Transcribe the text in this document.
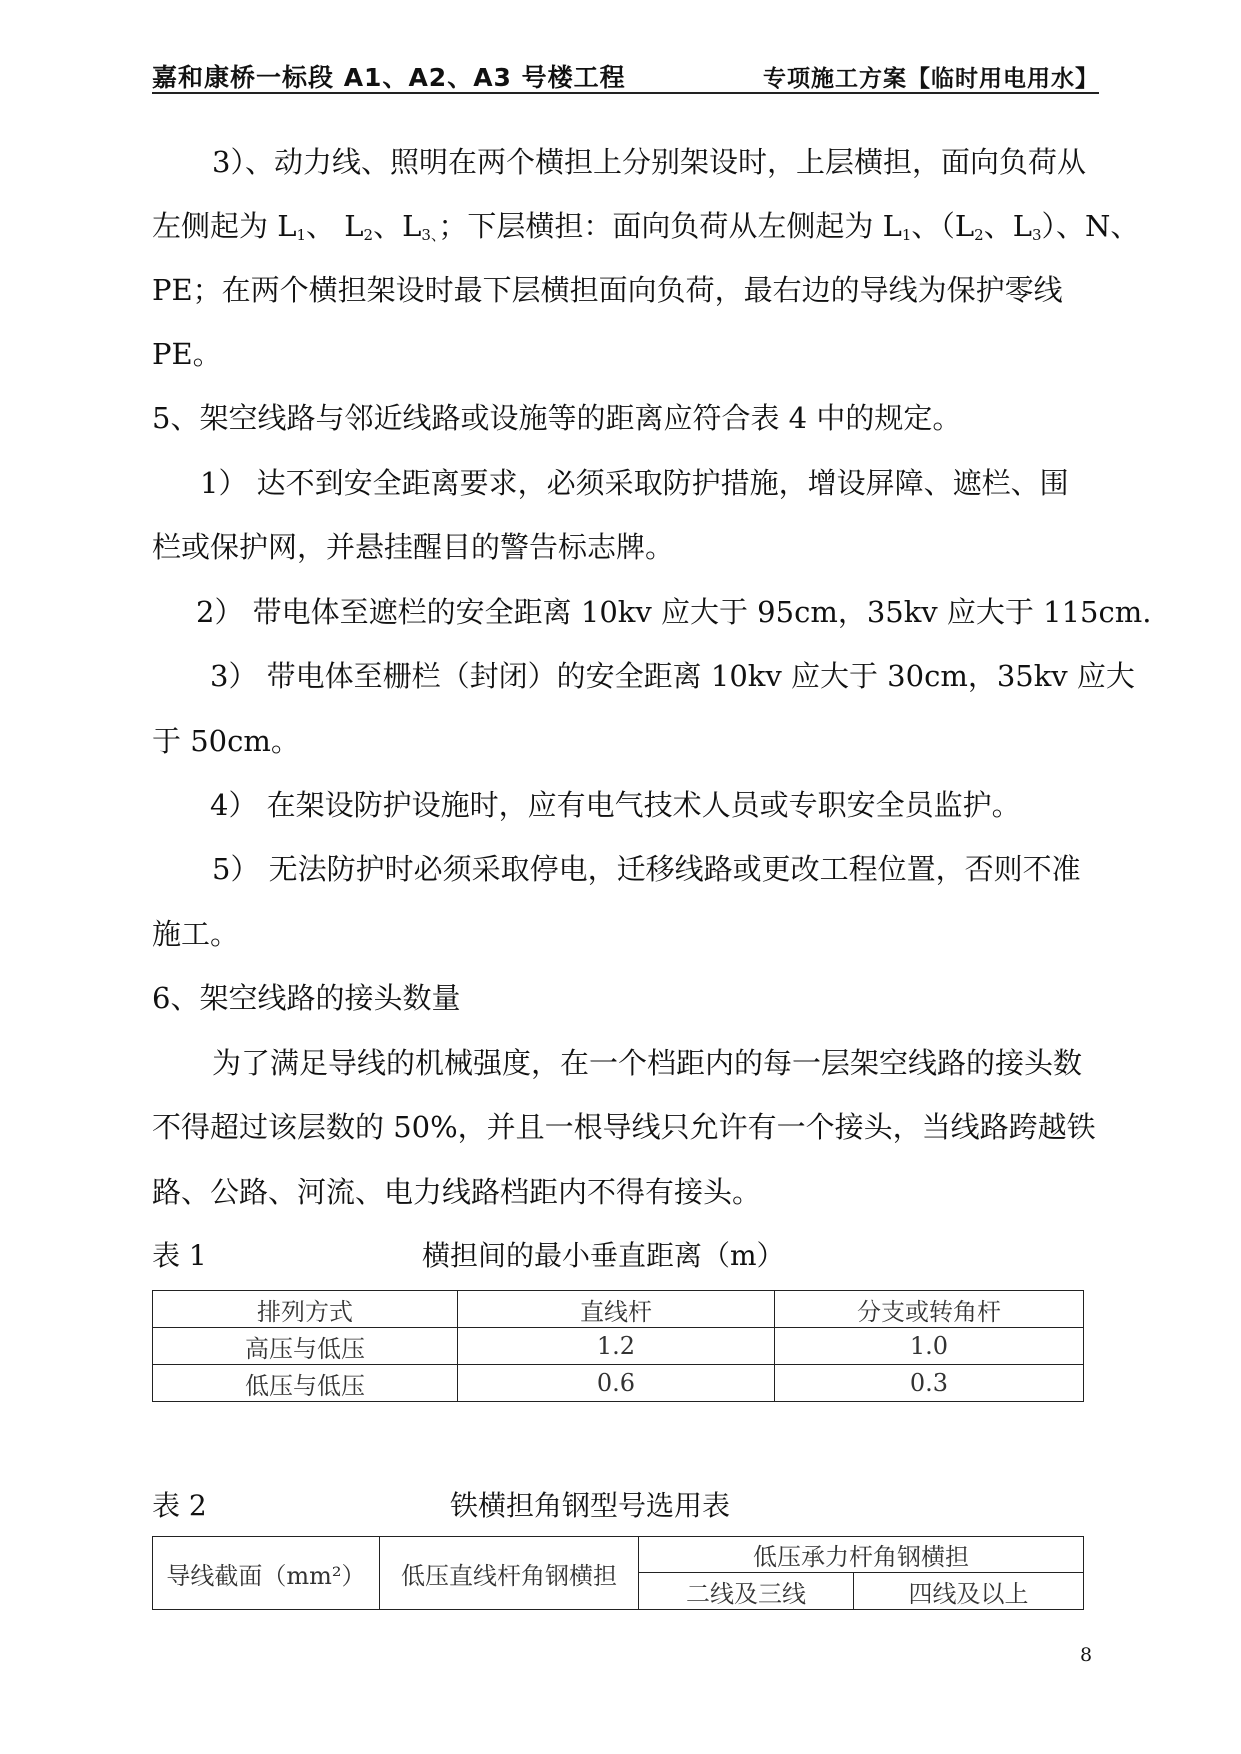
嘉和康桥一标段 A1、A2、A3 号楼工程	专项施工方案【临时用电用水】
3）、动力线、照明在两个横担上分别架设时，上层横担，面向负荷从
左侧起为 $L_1$、 $L_2$、$L_{3、}$；下层横担：面向负荷从左侧起为 $L_1$、（$L_2$、$L_3$）、N、
PE；在两个横担架设时最下层横担面向负荷，最右边的导线为保护零线
PE。
5、架空线路与邻近线路或设施等的距离应符合表 4 中的规定。
1） 达不到安全距离要求，必须采取防护措施，增设屏障、遮栏、围
栏或保护网，并悬挂醒目的警告标志牌。
2） 带电体至遮栏的安全距离 10kv 应大于 95cm，35kv 应大于 115cm.
3） 带电体至栅栏（封闭）的安全距离 10kv 应大于 30cm，35kv 应大
于 50cm。
4） 在架设防护设施时，应有电气技术人员或专职安全员监护。
5） 无法防护时必须采取停电，迁移线路或更改工程位置，否则不准
施工。
6、架空线路的接头数量
为了满足导线的机械强度，在一个档距内的每一层架空线路的接头数
不得超过该层数的 50%，并且一根导线只允许有一个接头，当线路跨越铁
路、公路、河流、电力线路档距内不得有接头。
表 1	横担间的最小垂直距离（m）
排列方式	直线杆	分支或转角杆
高压与低压	1.2	1.0
低压与低压	0.6	0.3
表 2	铁横担角钢型号选用表
导线截面（mm²）	低压直线杆角钢横担	低压承力杆角钢横担	
		二线及三线	四线及以上
8
